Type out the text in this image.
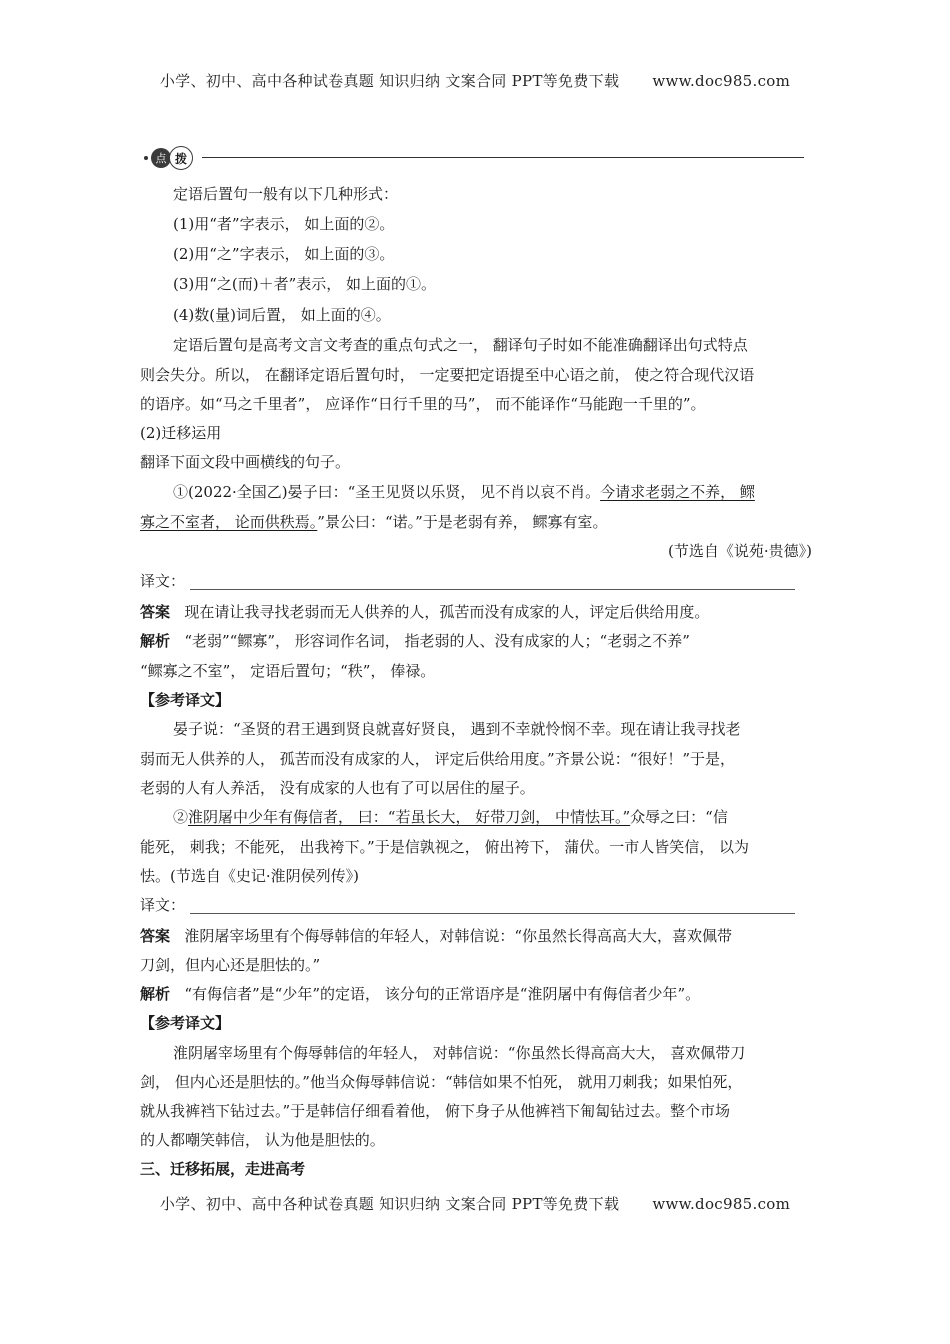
小学、初中、高中各种试卷真题 知识归纳 文案合同 PPT等免费下载 www.doc985.com
点 拨
定语后置句一般有以下几种形式：
(1)用“者”字表示， 如上面的②。
(2)用“之”字表示， 如上面的③。
(3)用“之(而)＋者”表示， 如上面的①。
(4)数(量)词后置， 如上面的④。
定语后置句是高考文言文考查的重点句式之一， 翻译句子时如不能准确翻译出句式特点
则会失分。所以， 在翻译定语后置句时， 一定要把定语提至中心语之前， 使之符合现代汉语
的语序。如“马之千里者”， 应译作“日行千里的马”， 而不能译作“马能跑一千里的”。
(2)迁移运用
翻译下面文段中画横线的句子。
①(2022·全国乙)晏子曰：“圣王见贤以乐贤， 见不肖以哀不肖。今请求老弱之不养， 鳏
寡之不室者， 论而供秩焉。”景公曰：“诺。”于是老弱有养， 鳏寡有室。
(节选自《说苑·贵德》)
译文：
答案 现在请让我寻找老弱而无人供养的人，孤苦而没有成家的人，评定后供给用度。
解析 “老弱”“鳏寡”， 形容词作名词， 指老弱的人、没有成家的人；“老弱之不养”
“鳏寡之不室”， 定语后置句；“秩”， 俸禄。
【参考译文】
晏子说：“圣贤的君王遇到贤良就喜好贤良， 遇到不幸就怜悯不幸。现在请让我寻找老
弱而无人供养的人， 孤苦而没有成家的人， 评定后供给用度。”齐景公说：“很好！”于是，
老弱的人有人养活， 没有成家的人也有了可以居住的屋子。
②淮阴屠中少年有侮信者， 曰：“若虽长大， 好带刀剑， 中情怯耳。”众辱之曰：“信
能死， 刺我；不能死， 出我袴下。”于是信孰视之， 俯出袴下， 蒲伏。一市人皆笑信， 以为
怯。(节选自《史记·淮阴侯列传》)
译文：
答案 淮阴屠宰场里有个侮辱韩信的年轻人，对韩信说：“你虽然长得高高大大，喜欢佩带
刀剑，但内心还是胆怯的。”
解析 “有侮信者”是“少年”的定语， 该分句的正常语序是“淮阴屠中有侮信者少年”。
【参考译文】
淮阴屠宰场里有个侮辱韩信的年轻人， 对韩信说：“你虽然长得高高大大， 喜欢佩带刀
剑， 但内心还是胆怯的。”他当众侮辱韩信说：“韩信如果不怕死， 就用刀刺我；如果怕死，
就从我裤裆下钻过去。”于是韩信仔细看着他， 俯下身子从他裤裆下匍匐钻过去。整个市场
的人都嘲笑韩信， 认为他是胆怯的。
三、迁移拓展，走进高考
小学、初中、高中各种试卷真题 知识归纳 文案合同 PPT等免费下载 www.doc985.com
